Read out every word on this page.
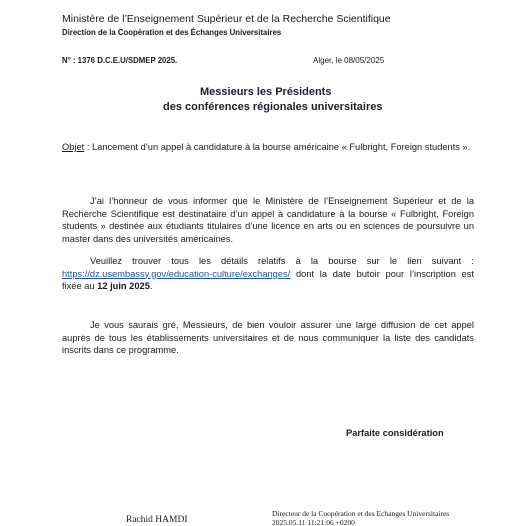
Ministère de l’Enseignement Supérieur et de la Recherche Scientifique
Direction de la Coopération et des Échanges Universitaires
N° : 1376 D.C.E.U/SDMEP 2025.	Alger, le 08/05/2025
Messieurs les Présidents
des conférences régionales universitaires
Objet : Lancement d’un appel à candidature à la bourse américaine « Fulbright, Foreign students ».
J’ai l’honneur de vous informer que le Ministère de l’Enseignement Supérieur et de la Recherche Scientifique est destinataire d’un appel à candidature à la bourse « Fulbright, Foreign students » destinée aux étudiants titulaires d’une licence en arts ou en sciences de poursuivre un master dans des universités américaines.
Veuillez trouver tous les détails relatifs à la bourse sur le lien suivant : https://dz.usembassy.gov/education-culture/exchanges/ dont la date butoir pour l’inscription est fixée au 12 juin 2025.
Je vous saurais gré, Messieurs, de bien vouloir assurer une large diffusion de cet appel auprès de tous les établissements universitaires et de nous communiquer la liste des candidats inscrits dans ce programme.
Parfaite considération
Rachid HAMDI
Directeur de la Coopération et des Echanges Universitaires
2025.05.11 11:21:06 +0200
